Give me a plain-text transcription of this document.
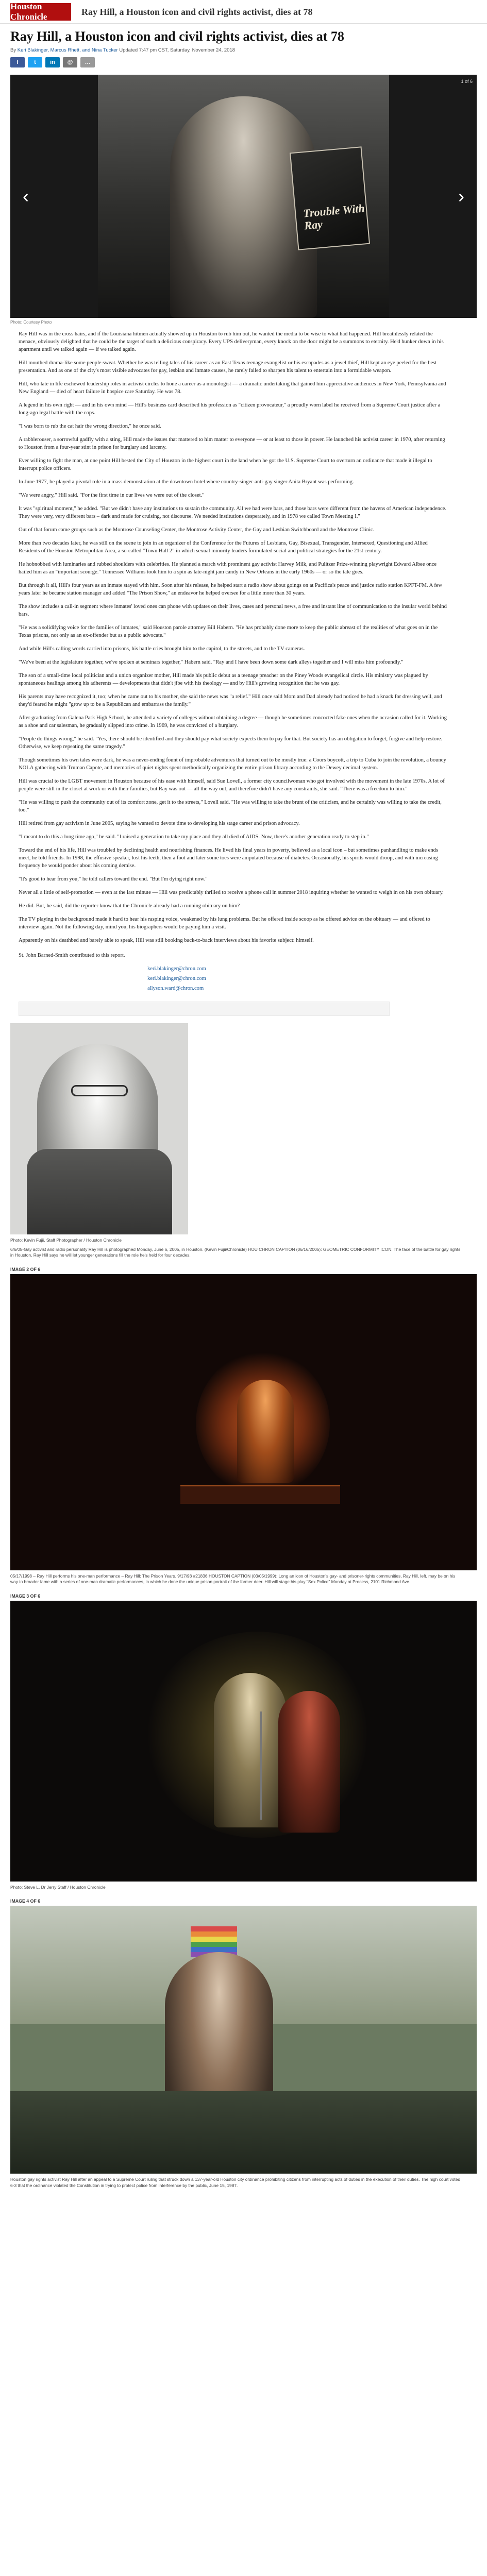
Houston Chronicle	Ray Hill, a Houston icon and civil rights activist, dies at 78
Ray Hill, a Houston icon and civil rights activist, dies at 78
By Keri Blakinger, Marcus Rhett, and Nina Tucker Updated 7:47 pm CST, Saturday, November 24, 2018
f	t	in	@	…
Trouble With Ray
‹	›
1 of 6
Photo: Courtesy Photo

Ray Hill was in the cross hairs, and if the Louisiana hitmen actually showed up in Houston to rub him out, he wanted the media to be wise to what had happened. Hill breathlessly related the menace, obviously delighted that he could be the target of such a delicious conspiracy. Every UPS deliveryman, every knock on the door might be a summons to eternity. He'd hunker down in his apartment until we talked again — if we talked again.

Hill mouthed drama-like some people sweat. Whether he was telling tales of his career as an East Texas teenage evangelist or his escapades as a jewel thief, Hill kept an eye peeled for the best presentation. And as one of the city's most visible advocates for gay, lesbian and inmate causes, he rarely failed to sharpen his talent to entertain into a formidable weapon.

Hill, who late in life eschewed leadership roles in activist circles to hone a career as a monologist — a dramatic undertaking that gained him appreciative audiences in New York, Pennsylvania and New England — died of heart failure in hospice care Saturday. He was 78.

A legend in his own right — and in his own mind — Hill's business card described his profession as "citizen provocateur," a proudly worn label he received from a Supreme Court justice after a long-ago legal battle with the cops.

"I was born to rub the cat hair the wrong direction," he once said.

A rabblerouser, a sorrowful gadfly with a sting, Hill made the issues that mattered to him matter to everyone — or at least to those in power. He launched his activist career in 1970, after returning to Houston from a four-year stint in prison for burglary and larceny.

Ever willing to fight the man, at one point Hill bested the City of Houston in the highest court in the land when he got the U.S. Supreme Court to overturn an ordinance that made it illegal to interrupt police officers.

In June 1977, he played a pivotal role in a mass demonstration at the downtown hotel where country-singer-anti-gay singer Anita Bryant was performing.

"We were angry," Hill said. "For the first time in our lives we were out of the closet."

It was "spiritual moment," he added. "But we didn't have any institutions to sustain the community. All we had were bars, and those bars were different from the havens of American independence. They were very, very different bars – dark and made for cruising, not discourse. We needed institutions desperately, and in 1978 we called Town Meeting I."

Out of that forum came groups such as the Montrose Counseling Center, the Montrose Activity Center, the Gay and Lesbian Switchboard and the Montrose Clinic.

More than two decades later, he was still on the scene to join in an organizer of the Conference for the Futures of Lesbians, Gay, Bisexual, Transgender, Intersexed, Questioning and Allied Residents of the Houston Metropolitan Area, a so-called "Town Hall 2" in which sexual minority leaders formulated social and political strategies for the 21st century.

He hobnobbed with luminaries and rubbed shoulders with celebrities. He planned a march with prominent gay activist Harvey Milk, and Pulitzer Prize-winning playwright Edward Albee once hailed him as an "important scourge." Tennessee Williams took him to a spin as late-night jam candy in New Orleans in the early 1960s — or so the tale goes.

But through it all, Hill's four years as an inmate stayed with him. Soon after his release, he helped start a radio show about goings on at Pacifica's peace and justice radio station KPFT-FM. A few years later he became station manager and added "The Prison Show," an endeavor he helped oversee for a little more than 30 years.

The show includes a call-in segment where inmates' loved ones can phone with updates on their lives, cases and personal news, a free and instant line of communication to the insular world behind bars.

"He was a solidifying voice for the families of inmates," said Houston parole attorney Bill Habern. "He has probably done more to keep the public abreast of the realities of what goes on in the Texas prisons, not only as an ex-offender but as a public advocate."

And while Hill's calling words carried into prisons, his battle cries brought him to the capitol, to the streets, and to the TV cameras.

"We've been at the legislature together, we've spoken at seminars together," Habern said. "Ray and I have been down some dark alleys together and I will miss him profoundly."

The son of a small-time local politician and a union organizer mother, Hill made his public debut as a teenage preacher on the Piney Woods evangelical circle. His ministry was plagued by spontaneous healings among his adherents — developments that didn't jibe with his theology — and by Hill's growing recognition that he was gay.

His parents may have recognized it, too; when he came out to his mother, she said the news was "a relief." Hill once said Mom and Dad already had noticed he had a knack for dressing well, and they'd feared he might "grow up to be a Republican and embarrass the family."

After graduating from Galena Park High School, he attended a variety of colleges without obtaining a degree — though he sometimes concocted fake ones when the occasion called for it. Working as a shoe and car salesman, he gradually slipped into crime. In 1969, he was convicted of a burglary.

"People do things wrong," he said. "Yes, there should be identified and they should pay what society expects them to pay for that. But society has an obligation to forget, forgive and help restore. Otherwise, we keep repeating the same tragedy."

Though sometimes his own tales were dark, he was a never-ending fount of improbable adventures that turned out to be mostly true: a Coors boycott, a trip to Cuba to join the revolution, a bouncy NOLA gathering with Truman Capote, and memories of quiet nights spent methodically organizing the entire prison library according to the Dewey decimal system.

Hill was crucial to the LGBT movement in Houston because of his ease with himself, said Sue Lovell, a former city councilwoman who got involved with the movement in the late 1970s. A lot of people were still in the closet at work or with their families, but Ray was out — all the way out, and therefore didn't have any constraints, she said. "There was a freedom to him."

"He was willing to push the community out of its comfort zone, get it to the streets," Lovell said. "He was willing to take the brunt of the criticism, and he certainly was willing to take the credit, too."

Hill retired from gay activism in June 2005, saying he wanted to devote time to developing his stage career and prison advocacy.

"I meant to do this a long time ago," he said. "I raised a generation to take my place and they all died of AIDS. Now, there's another generation ready to step in."

Toward the end of his life, Hill was troubled by declining health and nourishing finances. He lived his final years in poverty, believed as a local icon – but sometimes panhandling to make ends meet, he told friends. In 1998, the effusive speaker, lost his teeth, then a foot and later some toes were amputated because of diabetes. Occasionally, his spirits would droop, and with increasing frequency he would ponder about his coming demise.

"It's good to hear from you," he told callers toward the end. "But I'm dying right now."

Never all a little of self-promotion — even at the last minute — Hill was predictably thrilled to receive a phone call in summer 2018 inquiring whether he wanted to weigh in on his own obituary.

He did. But, he said, did the reporter know that the Chronicle already had a running obituary on him?

The TV playing in the background made it hard to hear his rasping voice, weakened by his lung problems. But he offered inside scoop as he offered advice on the obituary — and offered to interview again. Not the following day, mind you, his biographers would be paying him a visit.

Apparently on his deathbed and barely able to speak, Hill was still booking back-to-back interviews about his favorite subject: himself.

St. John Barned-Smith contributed to this report.

keri.blakinger@chron.com

keri.blakinger@chron.com

allyson.ward@chron.com

Photo: Kevin Fujii, Staff Photographer / Houston Chronicle
6/6/05-Gay activist and radio personality Ray Hill is photographed Monday, June 6, 2005, in Houston. (Kevin Fujii/Chronicle) HOU CHRON CAPTION (06/16/2005): GEOMETRIC CONFORMITY ICON: The face of the battle for gay rights in Houston, Ray Hill says he will let younger generations fill the role he's held for four decades.
IMAGE 2 OF 6
05/17/1998 – Ray Hill performs his one-man performance – Ray Hill: The Prison Years. 9/17/98 #21836 HOUSTON CAPTION (03/05/1999): Long an icon of Houston's gay- and prisoner-rights communities, Ray Hill, left, may be on his way to broader fame with a series of one-man dramatic performances, in which he done the unique prison portrait of the former deer. Hill will stage his play "Sex Police" Monday at Process, 2101 Richmond Ave.
IMAGE 3 OF 6
Photo: Steve L. Dr Jerry Staff / Houston Chronicle
IMAGE 4 OF 6
Houston gay rights activist Ray Hill after an appeal to a Supreme Court ruling that struck down a 137-year-old Houston city ordinance prohibiting citizens from interrupting acts of duties in the execution of their duties. The high court voted 6-3 that the ordinance violated the Constitution in trying to protect police from interference by the public, June 15, 1987.
